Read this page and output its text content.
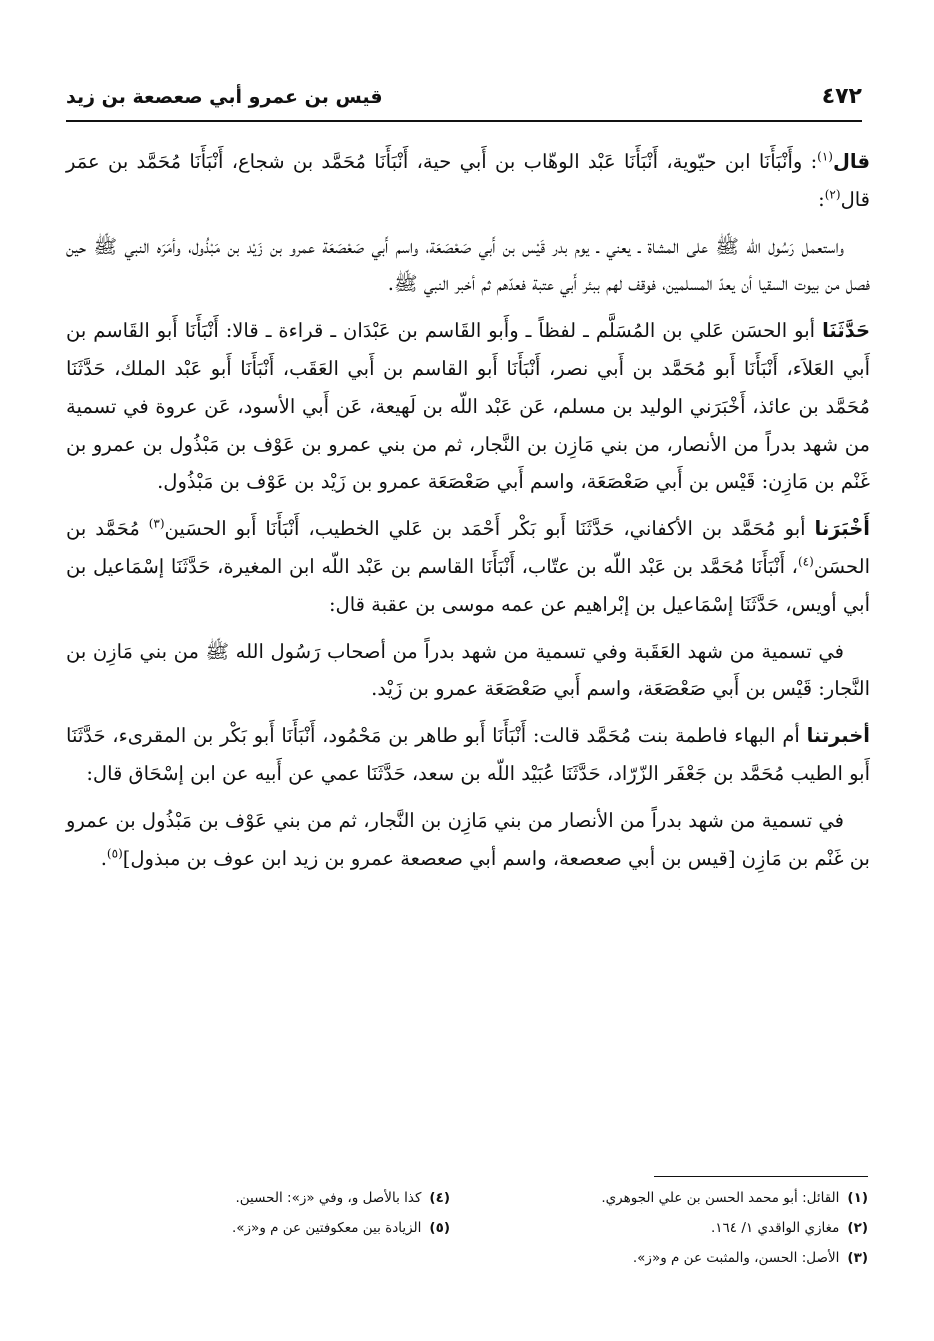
٤٧٢
قيس بن عمرو أبي صعصعة بن زيد

قال$^{(١)}$: وأَنْبَأَنَا ابن حيّوية، أَنْبَأَنَا عَبْد الوهّاب بن أَبي حية، أَنْبَأَنَا مُحَمَّد بن شجاع، أَنْبَأَنَا مُحَمَّد بن عمَر قال$^{(٢)}$:

واستعمل رَسُول الله ﷺ على المشاة ـ يعني ـ يوم بدر قَيْس بن أَبي صَعْصَعَة، واسم أَبي صَعْصَعَة عمرو بن زَيْد بن مَبْذُول، وأمَرَه النبي ﷺ حين فصل من بيوت السقيا أن يعدّ المسلمين، فوقف لهم ببئر أَبي عتبة فعدّهم ثم أخبر النبي ﷺ.

حَدَّثَنَا أبو الحسَن عَلي بن المُسَلَّم ـ لفظاً ـ وأَبو القَاسم بن عَبْدَان ـ قراءة ـ قالا: أَنْبَأَنَا أَبو القَاسم بن أَبي العَلاَء، أَنْبَأَنَا أَبو مُحَمَّد بن أَبي نصر، أَنْبَأَنَا أَبو القاسم بن أَبي العَقَب، أَنْبَأَنَا أَبو عَبْد الملك، حَدَّثَنَا مُحَمَّد بن عائذ، أَخْبَرَني الوليد بن مسلم، عَن عَبْد اللّه بن لَهيعة، عَن أَبي الأسود، عَن عروة في تسمية من شهد بدراً من الأنصار، من بني مَازِن بن النَّجار، ثم من بني عمرو بن عَوْف بن مَبْذُول بن عمرو بن غَنْم بن مَازِن: قَيْس بن أَبي صَعْصَعَة، واسم أَبي صَعْصَعَة عمرو بن زَيْد بن عَوْف بن مَبْذُول.

أَخْبَرَنا أبو مُحَمَّد بن الأكفاني، حَدَّثَنَا أَبو بَكْر أَحْمَد بن عَلي الخطيب، أَنْبَأَنَا أَبو الحسَين$^{(٣)}$ مُحَمَّد بن الحسَن$^{(٤)}$، أَنْبَأَنَا مُحَمَّد بن عَبْد اللّه بن عتّاب، أَنْبَأَنَا القاسم بن عَبْد اللّه ابن المغيرة، حَدَّثَنَا إسْمَاعيل بن أبي أويس، حَدَّثَنَا إسْمَاعيل بن إبْراهيم عن عمه موسى بن عقبة قال:

في تسمية من شهد العَقَبة وفي تسمية من شهد بدراً من أصحاب رَسُول الله ﷺ من بني مَازِن بن النَّجار: قَيْس بن أَبي صَعْصَعَة، واسم أَبي صَعْصَعَة عمرو بن زَيْد.

أخبرتنا أم البهاء فاطمة بنت مُحَمَّد قالت: أَنْبَأَنَا أَبو طاهر بن مَحْمُود، أَنْبَأَنَا أَبو بَكْر بن المقرىء، حَدَّثَنَا أَبو الطيب مُحَمَّد بن جَعْفَر الزّرّاد، حَدَّثَنَا عُبَيْد اللّه بن سعد، حَدَّثَنَا عمي عن أَبيه عن ابن إسْحَاق قال:

في تسمية من شهد بدراً من الأنصار من بني مَازِن بن النَّجار، ثم من بني عَوْف بن مَبْذُول بن عمرو بن غَنْم بن مَازِن [قيس بن أبي صعصعة، واسم أبي صعصعة عمرو بن زيد ابن عوف بن مبذول]$^{(٥)}$.

(١)القائل: أبو محمد الحسن بن علي الجوهري.
(٢)مغازي الواقدي ١/ ١٦٤.
(٣)الأصل: الحسن، والمثبت عن م و«ز».
(٤)كذا بالأصل و، وفي «ز»: الحسين.
(٥)الزيادة بين معكوفتين عن م و«ز».
